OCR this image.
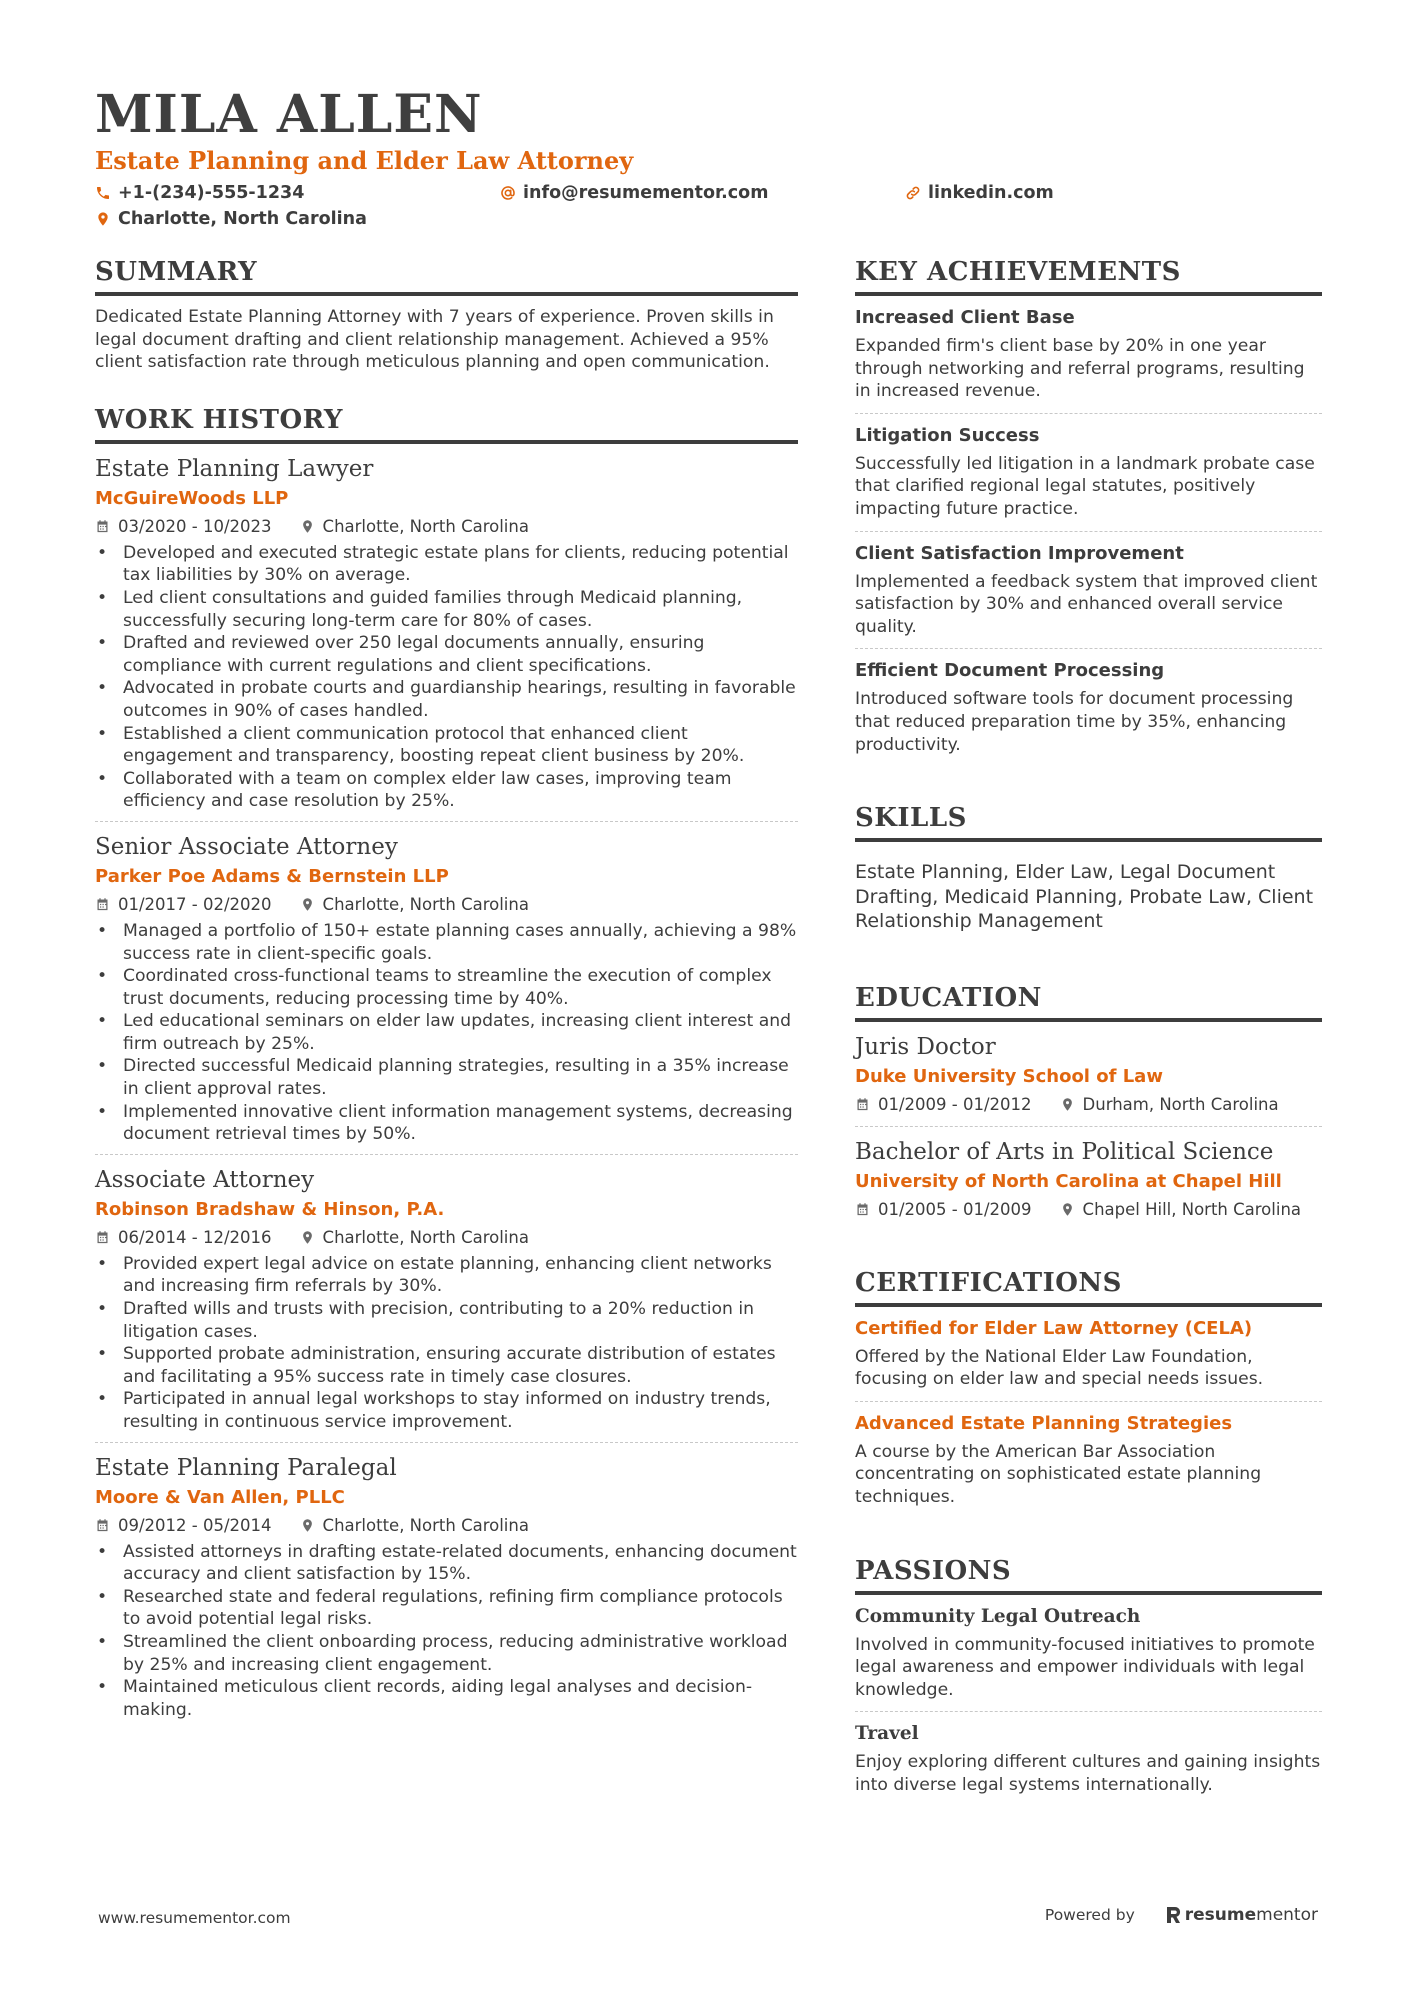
MILA ALLEN
Estate Planning and Elder Law Attorney
+1-(234)-555-1234	info@resumementor.com	linkedin.com
Charlotte, North Carolina
SUMMARY
Dedicated Estate Planning Attorney with 7 years of experience. Proven skills in legal document drafting and client relationship management. Achieved a 95% client satisfaction rate through meticulous planning and open communication.
WORK HISTORY
Estate Planning Lawyer
McGuireWoods LLP
03/2020 - 10/2023	Charlotte, North Carolina
• Developed and executed strategic estate plans for clients, reducing potential tax liabilities by 30% on average.
• Led client consultations and guided families through Medicaid planning, successfully securing long-term care for 80% of cases.
• Drafted and reviewed over 250 legal documents annually, ensuring compliance with current regulations and client specifications.
• Advocated in probate courts and guardianship hearings, resulting in favorable outcomes in 90% of cases handled.
• Established a client communication protocol that enhanced client engagement and transparency, boosting repeat client business by 20%.
• Collaborated with a team on complex elder law cases, improving team efficiency and case resolution by 25%.
Senior Associate Attorney
Parker Poe Adams & Bernstein LLP
01/2017 - 02/2020	Charlotte, North Carolina
• Managed a portfolio of 150+ estate planning cases annually, achieving a 98% success rate in client-specific goals.
• Coordinated cross-functional teams to streamline the execution of complex trust documents, reducing processing time by 40%.
• Led educational seminars on elder law updates, increasing client interest and firm outreach by 25%.
• Directed successful Medicaid planning strategies, resulting in a 35% increase in client approval rates.
• Implemented innovative client information management systems, decreasing document retrieval times by 50%.
Associate Attorney
Robinson Bradshaw & Hinson, P.A.
06/2014 - 12/2016	Charlotte, North Carolina
• Provided expert legal advice on estate planning, enhancing client networks and increasing firm referrals by 30%.
• Drafted wills and trusts with precision, contributing to a 20% reduction in litigation cases.
• Supported probate administration, ensuring accurate distribution of estates and facilitating a 95% success rate in timely case closures.
• Participated in annual legal workshops to stay informed on industry trends, resulting in continuous service improvement.
Estate Planning Paralegal
Moore & Van Allen, PLLC
09/2012 - 05/2014	Charlotte, North Carolina
• Assisted attorneys in drafting estate-related documents, enhancing document accuracy and client satisfaction by 15%.
• Researched state and federal regulations, refining firm compliance protocols to avoid potential legal risks.
• Streamlined the client onboarding process, reducing administrative workload by 25% and increasing client engagement.
• Maintained meticulous client records, aiding legal analyses and decision-making.
KEY ACHIEVEMENTS
Increased Client Base
Expanded firm's client base by 20% in one year through networking and referral programs, resulting in increased revenue.
Litigation Success
Successfully led litigation in a landmark probate case that clarified regional legal statutes, positively impacting future practice.
Client Satisfaction Improvement
Implemented a feedback system that improved client satisfaction by 30% and enhanced overall service quality.
Efficient Document Processing
Introduced software tools for document processing that reduced preparation time by 35%, enhancing productivity.
SKILLS
Estate Planning, Elder Law, Legal Document Drafting, Medicaid Planning, Probate Law, Client Relationship Management
EDUCATION
Juris Doctor
Duke University School of Law
01/2009 - 01/2012	Durham, North Carolina
Bachelor of Arts in Political Science
University of North Carolina at Chapel Hill
01/2005 - 01/2009	Chapel Hill, North Carolina
CERTIFICATIONS
Certified for Elder Law Attorney (CELA)
Offered by the National Elder Law Foundation, focusing on elder law and special needs issues.
Advanced Estate Planning Strategies
A course by the American Bar Association concentrating on sophisticated estate planning techniques.
PASSIONS
Community Legal Outreach
Involved in community-focused initiatives to promote legal awareness and empower individuals with legal knowledge.
Travel
Enjoy exploring different cultures and gaining insights into diverse legal systems internationally.
www.resumementor.com	Powered by	resume mentor
